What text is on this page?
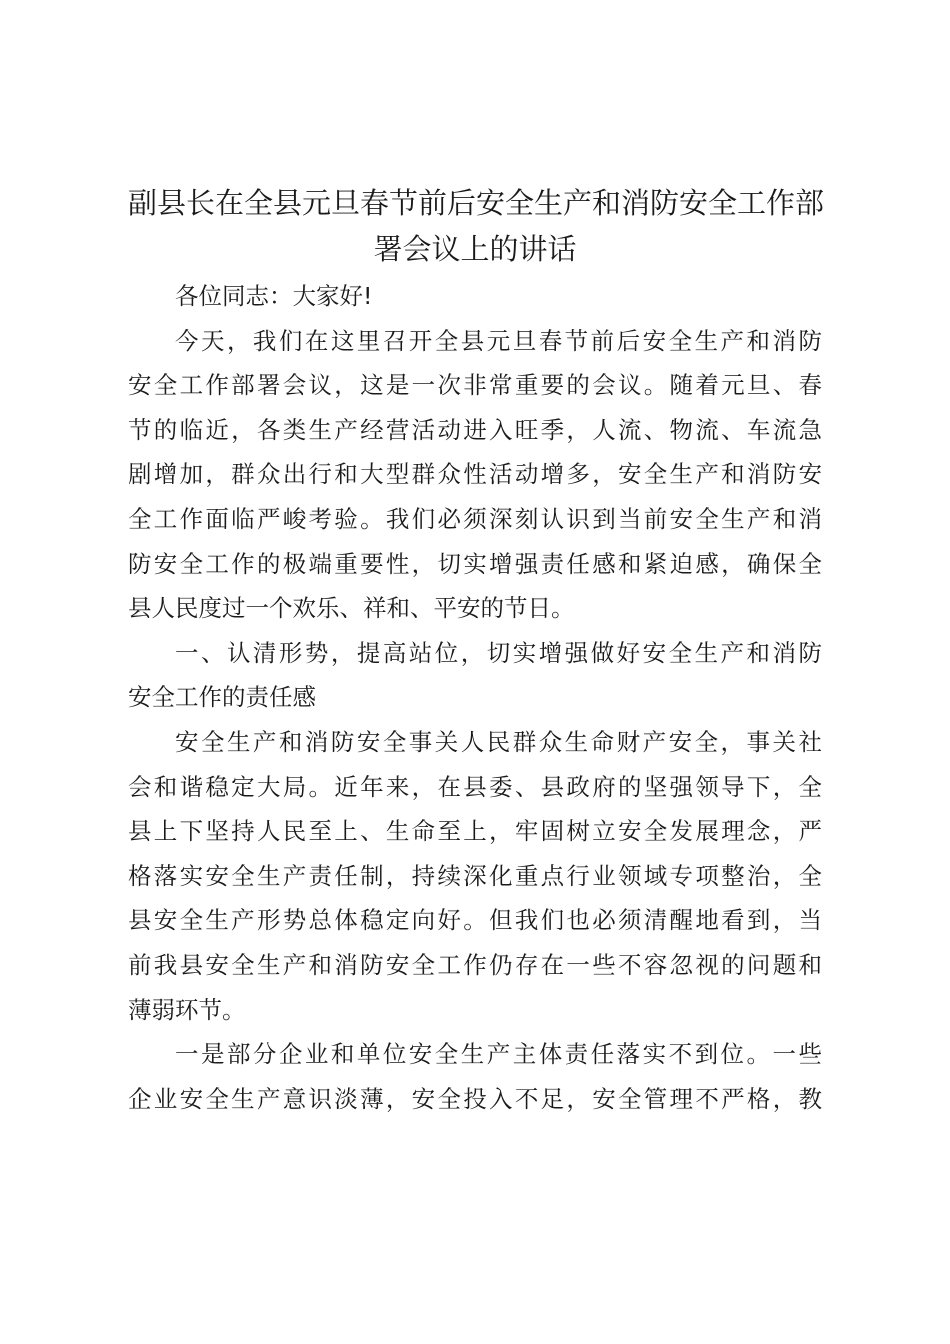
副县长在全县元旦春节前后安全生产和消防安全工作部
署会议上的讲话

各位同志：大家好!

今天，我们在这里召开全县元旦春节前后安全生产和消防
安全工作部署会议，这是一次非常重要的会议。随着元旦、春
节的临近，各类生产经营活动进入旺季，人流、物流、车流急
剧增加，群众出行和大型群众性活动增多，安全生产和消防安
全工作面临严峻考验。我们必须深刻认识到当前安全生产和消
防安全工作的极端重要性，切实增强责任感和紧迫感，确保全
县人民度过一个欢乐、祥和、平安的节日。

一、认清形势，提高站位，切实增强做好安全生产和消防
安全工作的责任感

安全生产和消防安全事关人民群众生命财产安全，事关社
会和谐稳定大局。近年来，在县委、县政府的坚强领导下，全
县上下坚持人民至上、生命至上，牢固树立安全发展理念，严
格落实安全生产责任制，持续深化重点行业领域专项整治，全
县安全生产形势总体稳定向好。但我们也必须清醒地看到，当
前我县安全生产和消防安全工作仍存在一些不容忽视的问题和
薄弱环节。

一是部分企业和单位安全生产主体责任落实不到位。一些
企业安全生产意识淡薄，安全投入不足，安全管理不严格，教
